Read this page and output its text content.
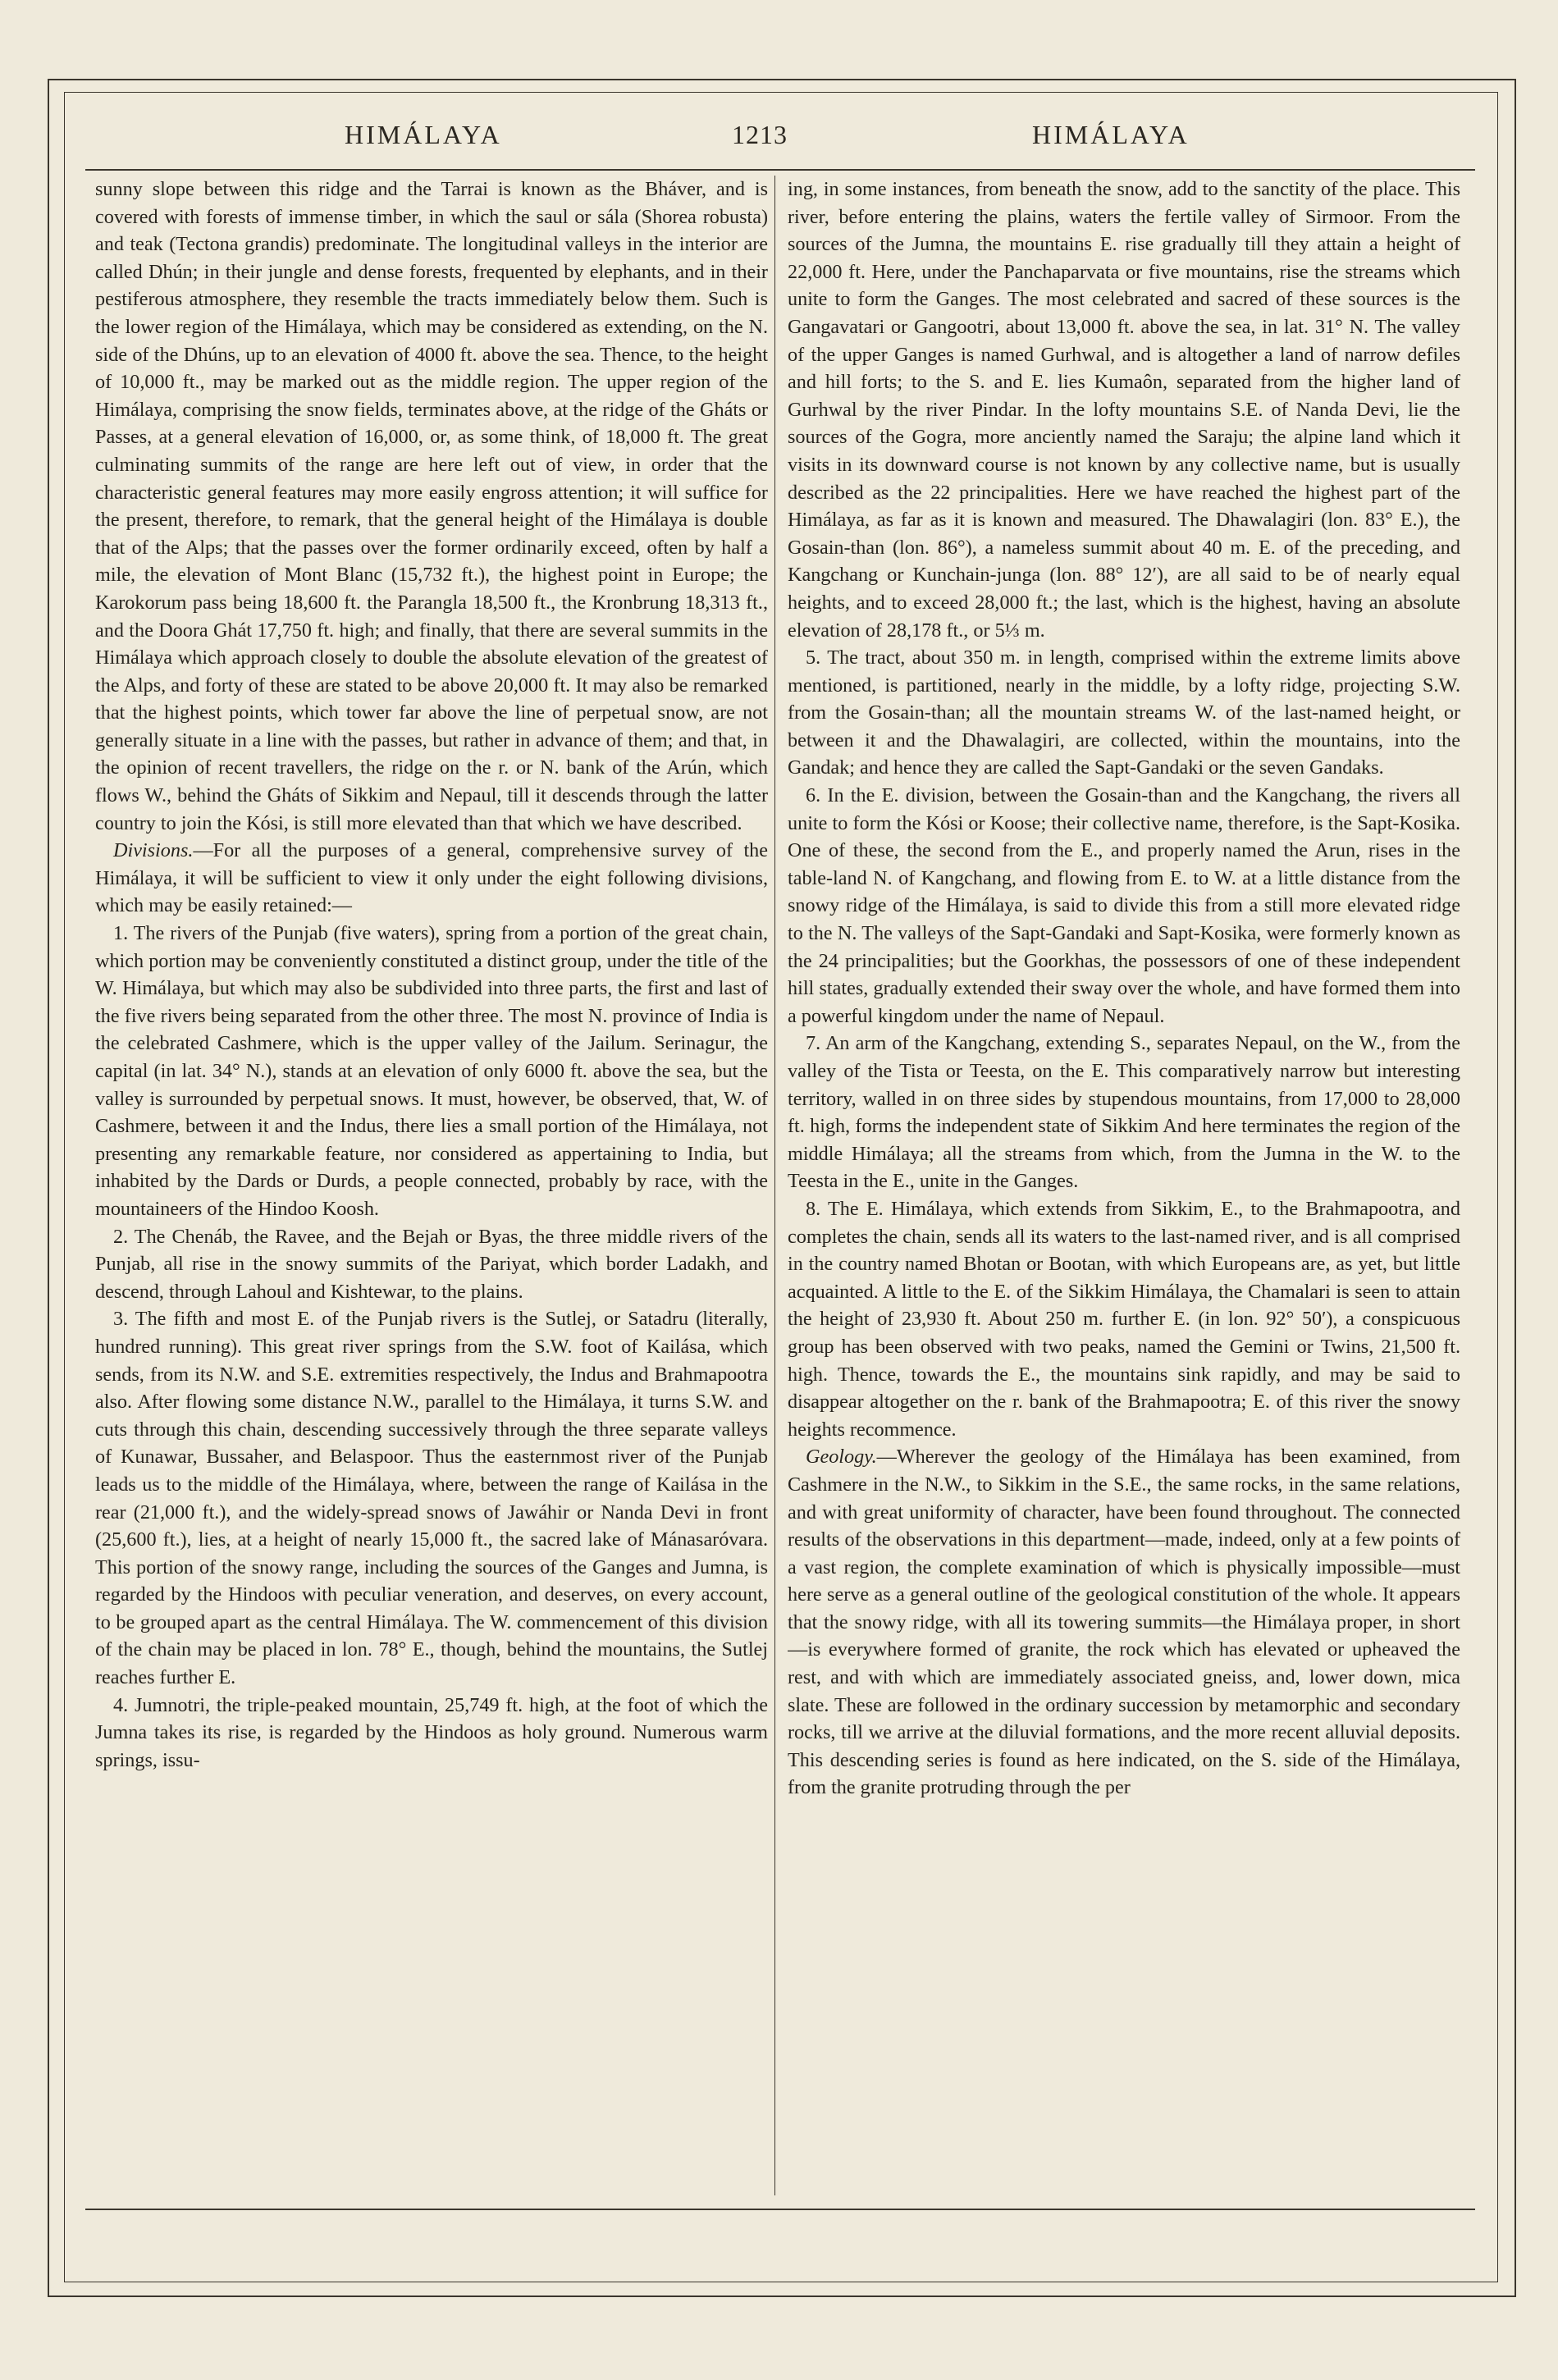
HIMÁLAYA	1213	HIMÁLAYA

sunny slope between this ridge and the Tarrai is known as the Bháver, and is covered with forests of immense timber, in which the saul or sála (Shorea robusta) and teak (Tectona grandis) predominate. The longitudinal valleys in the interior are called Dhún; in their jungle and dense forests, frequented by elephants, and in their pestiferous atmosphere, they resemble the tracts immediately below them. Such is the lower region of the Himálaya, which may be considered as extending, on the N. side of the Dhúns, up to an elevation of 4000 ft. above the sea. Thence, to the height of 10,000 ft., may be marked out as the middle region. The upper region of the Himálaya, comprising the snow fields, terminates above, at the ridge of the Gháts or Passes, at a general elevation of 16,000, or, as some think, of 18,000 ft. The great culminating summits of the range are here left out of view, in order that the characteristic general features may more easily engross attention; it will suffice for the present, therefore, to remark, that the general height of the Himálaya is double that of the Alps; that the passes over the former ordinarily exceed, often by half a mile, the elevation of Mont Blanc (15,732 ft.), the highest point in Europe; the Karokorum pass being 18,600 ft. the Parangla 18,500 ft., the Kronbrung 18,313 ft., and the Doora Ghát 17,750 ft. high; and finally, that there are several summits in the Himálaya which approach closely to double the absolute elevation of the greatest of the Alps, and forty of these are stated to be above 20,000 ft. It may also be remarked that the highest points, which tower far above the line of perpetual snow, are not generally situate in a line with the passes, but rather in advance of them; and that, in the opinion of recent travellers, the ridge on the r. or N. bank of the Arún, which flows W., behind the Gháts of Sikkim and Nepaul, till it descends through the latter country to join the Kósi, is still more elevated than that which we have described.

Divisions.—For all the purposes of a general, comprehensive survey of the Himálaya, it will be sufficient to view it only under the eight following divisions, which may be easily retained:—

1. The rivers of the Punjab (five waters), spring from a portion of the great chain, which portion may be conveniently constituted a distinct group, under the title of the W. Himálaya, but which may also be subdivided into three parts, the first and last of the five rivers being separated from the other three. The most N. province of India is the celebrated Cashmere, which is the upper valley of the Jailum. Serinagur, the capital (in lat. 34° N.), stands at an elevation of only 6000 ft. above the sea, but the valley is surrounded by perpetual snows. It must, however, be observed, that, W. of Cashmere, between it and the Indus, there lies a small portion of the Himálaya, not presenting any remarkable feature, nor considered as appertaining to India, but inhabited by the Dards or Durds, a people connected, probably by race, with the mountaineers of the Hindoo Koosh.

2. The Chenáb, the Ravee, and the Bejah or Byas, the three middle rivers of the Punjab, all rise in the snowy summits of the Pariyat, which border Ladakh, and descend, through Lahoul and Kishtewar, to the plains.

3. The fifth and most E. of the Punjab rivers is the Sutlej, or Satadru (literally, hundred running). This great river springs from the S.W. foot of Kailása, which sends, from its N.W. and S.E. extremities respectively, the Indus and Brahmapootra also. After flowing some distance N.W., parallel to the Himálaya, it turns S.W. and cuts through this chain, descending successively through the three separate valleys of Kunawar, Bussaher, and Belaspoor. Thus the easternmost river of the Punjab leads us to the middle of the Himálaya, where, between the range of Kailása in the rear (21,000 ft.), and the widely-spread snows of Jawáhir or Nanda Devi in front (25,600 ft.), lies, at a height of nearly 15,000 ft., the sacred lake of Mánasaróvara. This portion of the snowy range, including the sources of the Ganges and Jumna, is regarded by the Hindoos with peculiar veneration, and deserves, on every account, to be grouped apart as the central Himálaya. The W. commencement of this division of the chain may be placed in lon. 78° E., though, behind the mountains, the Sutlej reaches further E.

4. Jumnotri, the triple-peaked mountain, 25,749 ft. high, at the foot of which the Jumna takes its rise, is regarded by the Hindoos as holy ground. Numerous warm springs, issu-

ing, in some instances, from beneath the snow, add to the sanctity of the place. This river, before entering the plains, waters the fertile valley of Sirmoor. From the sources of the Jumna, the mountains E. rise gradually till they attain a height of 22,000 ft. Here, under the Panchaparvata or five mountains, rise the streams which unite to form the Ganges. The most celebrated and sacred of these sources is the Gangavatari or Gangootri, about 13,000 ft. above the sea, in lat. 31° N. The valley of the upper Ganges is named Gurhwal, and is altogether a land of narrow defiles and hill forts; to the S. and E. lies Kumaôn, separated from the higher land of Gurhwal by the river Pindar. In the lofty mountains S.E. of Nanda Devi, lie the sources of the Gogra, more anciently named the Saraju; the alpine land which it visits in its downward course is not known by any collective name, but is usually described as the 22 principalities. Here we have reached the highest part of the Himálaya, as far as it is known and measured. The Dhawalagiri (lon. 83° E.), the Gosain-than (lon. 86°), a nameless summit about 40 m. E. of the preceding, and Kangchang or Kunchain-junga (lon. 88° 12′), are all said to be of nearly equal heights, and to exceed 28,000 ft.; the last, which is the highest, having an absolute elevation of 28,178 ft., or 5⅓ m.

5. The tract, about 350 m. in length, comprised within the extreme limits above mentioned, is partitioned, nearly in the middle, by a lofty ridge, projecting S.W. from the Gosain-than; all the mountain streams W. of the last-named height, or between it and the Dhawalagiri, are collected, within the mountains, into the Gandak; and hence they are called the Sapt-Gandaki or the seven Gandaks.

6. In the E. division, between the Gosain-than and the Kangchang, the rivers all unite to form the Kósi or Koose; their collective name, therefore, is the Sapt-Kosika. One of these, the second from the E., and properly named the Arun, rises in the table-land N. of Kangchang, and flowing from E. to W. at a little distance from the snowy ridge of the Himálaya, is said to divide this from a still more elevated ridge to the N. The valleys of the Sapt-Gandaki and Sapt-Kosika, were formerly known as the 24 principalities; but the Goorkhas, the possessors of one of these independent hill states, gradually extended their sway over the whole, and have formed them into a powerful kingdom under the name of Nepaul.

7. An arm of the Kangchang, extending S., separates Nepaul, on the W., from the valley of the Tista or Teesta, on the E. This comparatively narrow but interesting territory, walled in on three sides by stupendous mountains, from 17,000 to 28,000 ft. high, forms the independent state of Sikkim And here terminates the region of the middle Himálaya; all the streams from which, from the Jumna in the W. to the Teesta in the E., unite in the Ganges.

8. The E. Himálaya, which extends from Sikkim, E., to the Brahmapootra, and completes the chain, sends all its waters to the last-named river, and is all comprised in the country named Bhotan or Bootan, with which Europeans are, as yet, but little acquainted. A little to the E. of the Sikkim Himálaya, the Chamalari is seen to attain the height of 23,930 ft. About 250 m. further E. (in lon. 92° 50′), a conspicuous group has been observed with two peaks, named the Gemini or Twins, 21,500 ft. high. Thence, towards the E., the mountains sink rapidly, and may be said to disappear altogether on the r. bank of the Brahmapootra; E. of this river the snowy heights recommence.

Geology.—Wherever the geology of the Himálaya has been examined, from Cashmere in the N.W., to Sikkim in the S.E., the same rocks, in the same relations, and with great uniformity of character, have been found throughout. The connected results of the observations in this department—made, indeed, only at a few points of a vast region, the complete examination of which is physically impossible—must here serve as a general outline of the geological constitution of the whole. It appears that the snowy ridge, with all its towering summits—the Himálaya proper, in short—is everywhere formed of granite, the rock which has elevated or upheaved the rest, and with which are immediately associated gneiss, and, lower down, mica slate. These are followed in the ordinary succession by metamorphic and secondary rocks, till we arrive at the diluvial formations, and the more recent alluvial deposits. This descending series is found as here indicated, on the S. side of the Himálaya, from the granite protruding through the per
